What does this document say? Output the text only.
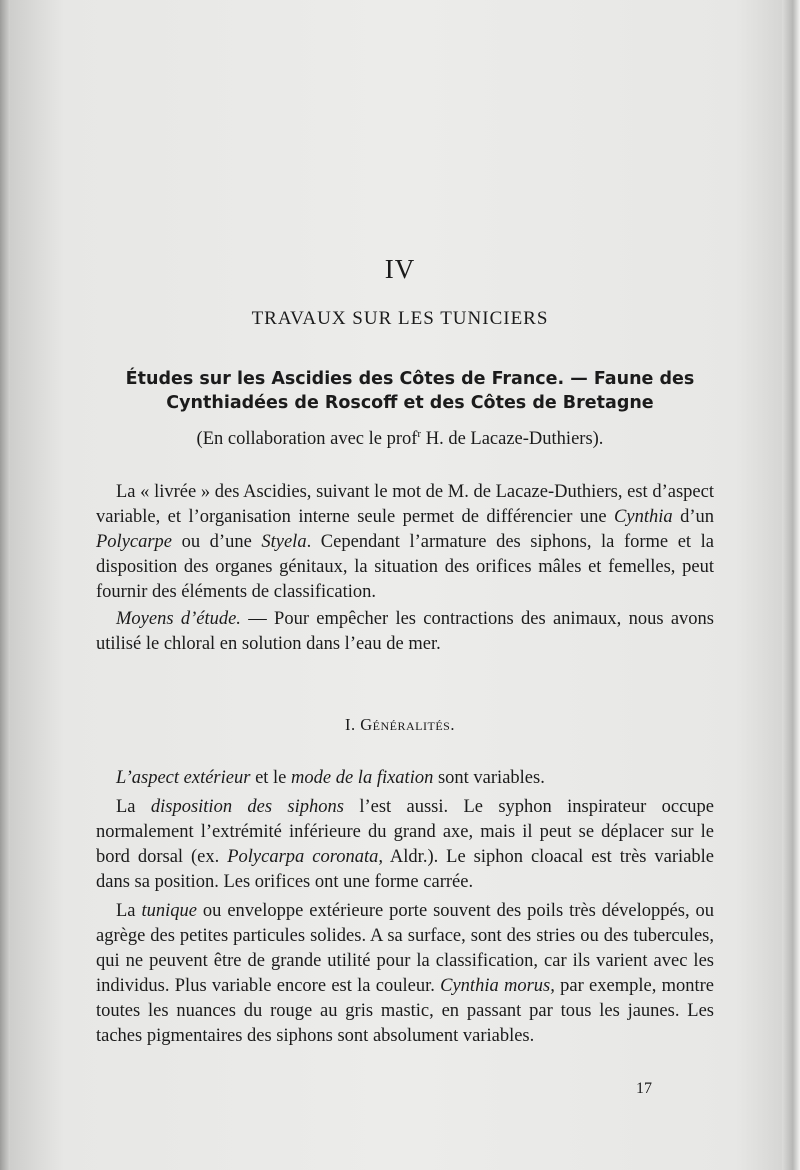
IV
TRAVAUX SUR LES TUNICIERS
Études sur les Ascidies des Côtes de France. — Faune des
Cynthiadées de Roscoff et des Côtes de Bretagne
(En collaboration avec le prof$^r$ H. de Lacaze-Duthiers).

La « livrée » des Ascidies, suivant le mot de M. de Lacaze-Duthiers, est d’aspect variable, et l’organisation interne seule permet de différencier une Cynthia d’un Polycarpe ou d’une Styela. Cependant l’armature des siphons, la forme et la disposition des organes génitaux, la situation des orifices mâles et femelles, peut fournir des éléments de classification.

Moyens d’étude. — Pour empêcher les contractions des animaux, nous avons utilisé le chloral en solution dans l’eau de mer.

I. Généralités.

L’aspect extérieur et le mode de la fixation sont variables.

La disposition des siphons l’est aussi. Le syphon inspirateur occupe normalement l’extrémité inférieure du grand axe, mais il peut se déplacer sur le bord dorsal (ex. Polycarpa coronata, Aldr.). Le siphon cloacal est très variable dans sa position. Les orifices ont une forme carrée.

La tunique ou enveloppe extérieure porte souvent des poils très développés, ou agrège des petites particules solides. A sa surface, sont des stries ou des tubercules, qui ne peuvent être de grande utilité pour la classification, car ils varient avec les individus. Plus variable encore est la couleur. Cynthia morus, par exemple, montre toutes les nuances du rouge au gris mastic, en passant par tous les jaunes. Les taches pigmentaires des siphons sont absolument variables.

17
